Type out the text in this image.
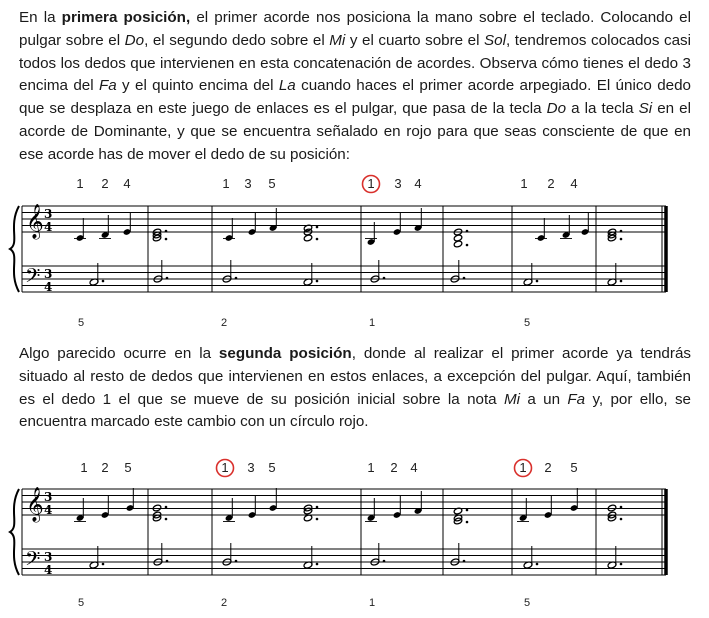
En la primera posición, el primer acorde nos posiciona la mano sobre el teclado. Colocando el pulgar sobre el Do, el segundo dedo sobre el Mi y el cuarto sobre el Sol, tendremos colocados casi todos los dedos que intervienen en esta concatenación de acordes. Observa cómo tienes el dedo 3 encima del Fa y el quinto encima del La cuando haces el primer acorde arpegiado. El único dedo que se desplaza en este juego de enlaces es el pulgar, que pasa de la tecla Do a la tecla Si en el acorde de Dominante, y que se encuentra señalado en rojo para que seas consciente de que en ese acorde has de mover el dedo de su posición:

𝄞
𝄢
3
4
3
4
1 2 4	1 3 5	1 3 4	1 2 4
5	2	1	5

Algo parecido ocurre en la segunda posición, donde al realizar el primer acorde ya tendrás situado al resto de dedos que intervienen en estos enlaces, a excepción del pulgar. Aquí, también es el dedo 1 el que se mueve de su posición inicial sobre la nota Mi a un Fa y, por ello, se encuentra marcado este cambio con un círculo rojo.

𝄞
𝄢
3
4
3
4
1 2 5	1 3 5	1 2 4	1 2 5
5	2	1	5
